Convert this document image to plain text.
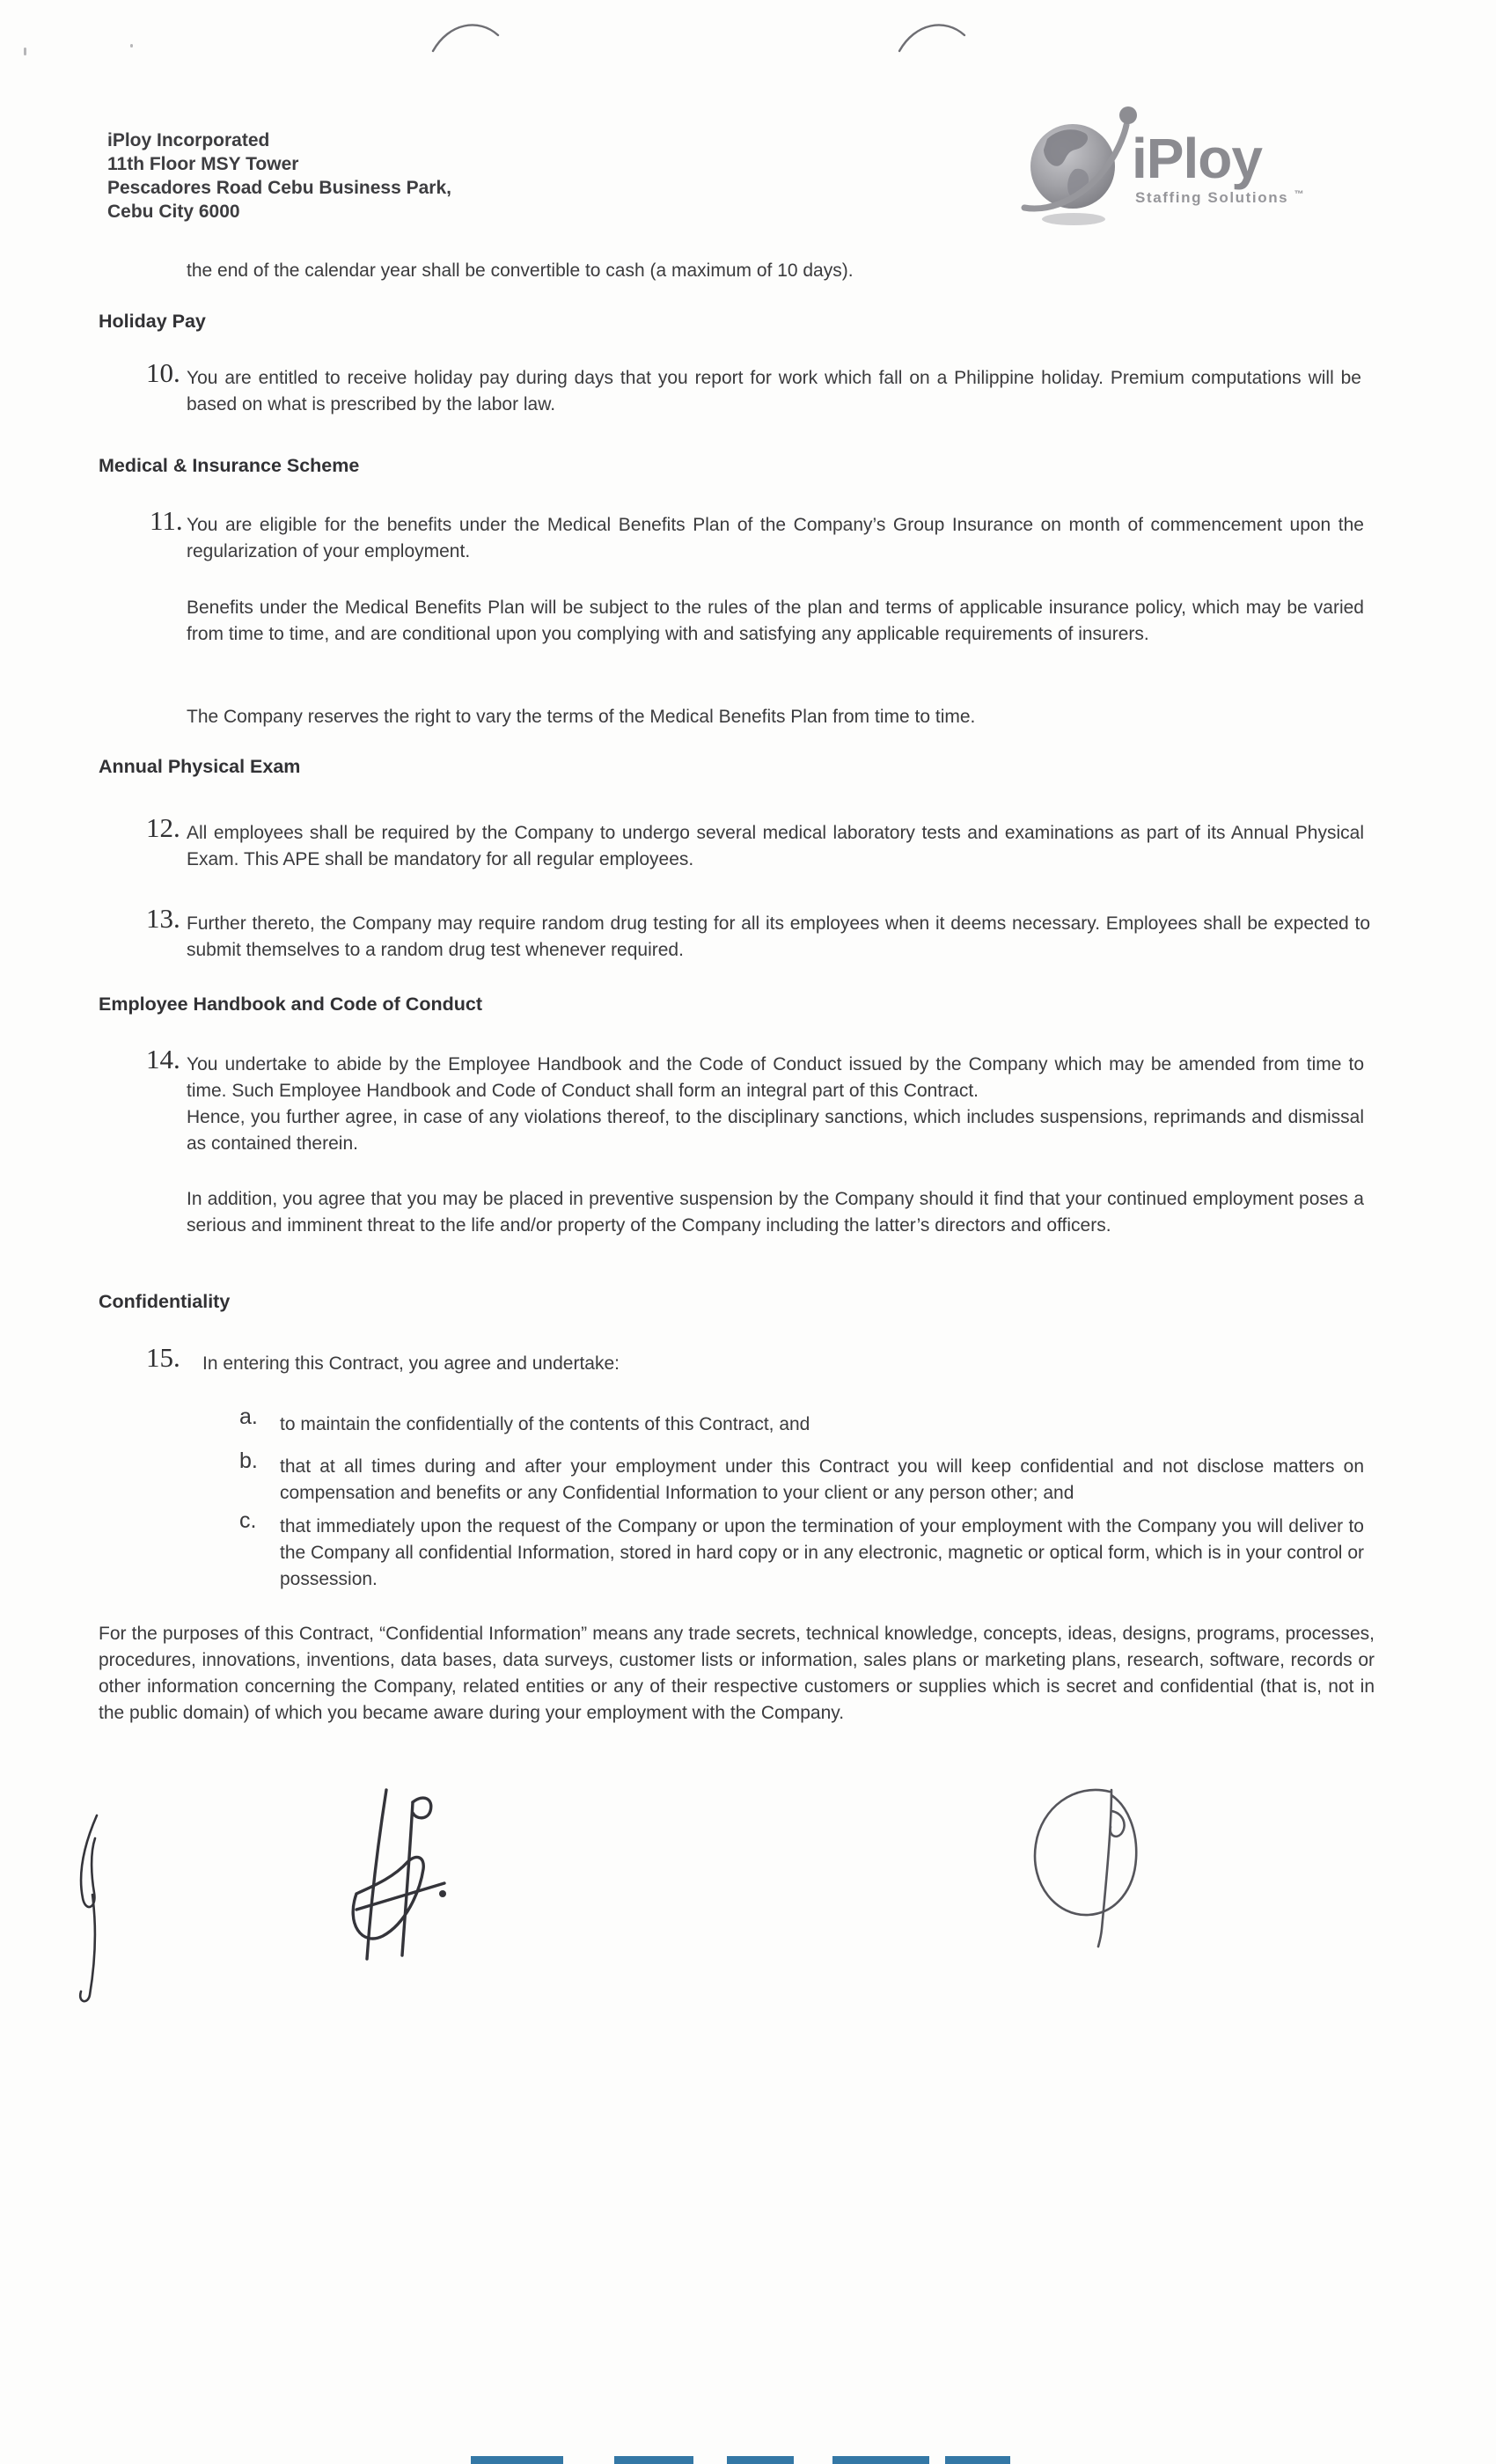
iPloy Incorporated
11th Floor MSY Tower
Pescadores Road Cebu Business Park,
Cebu City 6000
iPloy
Staffing Solutions ™

the end of the calendar year shall be convertible to cash (a maximum of 10 days).

Holiday Pay
10. You are entitled to receive holiday pay during days that you report for work which fall on a Philippine holiday. Premium computations will be based on what is prescribed by the labor law.

Medical & Insurance Scheme
11. You are eligible for the benefits under the Medical Benefits Plan of the Company’s Group Insurance on month of commencement upon the regularization of your employment.

Benefits under the Medical Benefits Plan will be subject to the rules of the plan and terms of applicable insurance policy, which may be varied from time to time, and are conditional upon you complying with and satisfying any applicable requirements of insurers.

The Company reserves the right to vary the terms of the Medical Benefits Plan from time to time.

Annual Physical Exam
12. All employees shall be required by the Company to undergo several medical laboratory tests and examinations as part of its Annual Physical Exam. This APE shall be mandatory for all regular employees.

13. Further thereto, the Company may require random drug testing for all its employees when it deems necessary. Employees shall be expected to submit themselves to a random drug test whenever required.

Employee Handbook and Code of Conduct
14. You undertake to abide by the Employee Handbook and the Code of Conduct issued by the Company which may be amended from time to time. Such Employee Handbook and Code of Conduct shall form an integral part of this Contract.

Hence, you further agree, in case of any violations thereof, to the disciplinary sanctions, which includes suspensions, reprimands and dismissal as contained therein.

In addition, you agree that you may be placed in preventive suspension by the Company should it find that your continued employment poses a serious and imminent threat to the life and/or property of the Company including the latter’s directors and officers.

Confidentiality
15. In entering this Contract, you agree and undertake:

a. to maintain the confidentially of the contents of this Contract, and

b. that at all times during and after your employment under this Contract you will keep confidential and not disclose matters on compensation and benefits or any Confidential Information to your client or any person other; and

c. that immediately upon the request of the Company or upon the termination of your employment with the Company you will deliver to the Company all confidential Information, stored in hard copy or in any electronic, magnetic or optical form, which is in your control or possession.

For the purposes of this Contract, “Confidential Information” means any trade secrets, technical knowledge, concepts, ideas, designs, programs, processes, procedures, innovations, inventions, data bases, data surveys, customer lists or information, sales plans or marketing plans, research, software, records or other information concerning the Company, related entities or any of their respective customers or supplies which is secret and confidential (that is, not in the public domain) of which you became aware during your employment with the Company.
